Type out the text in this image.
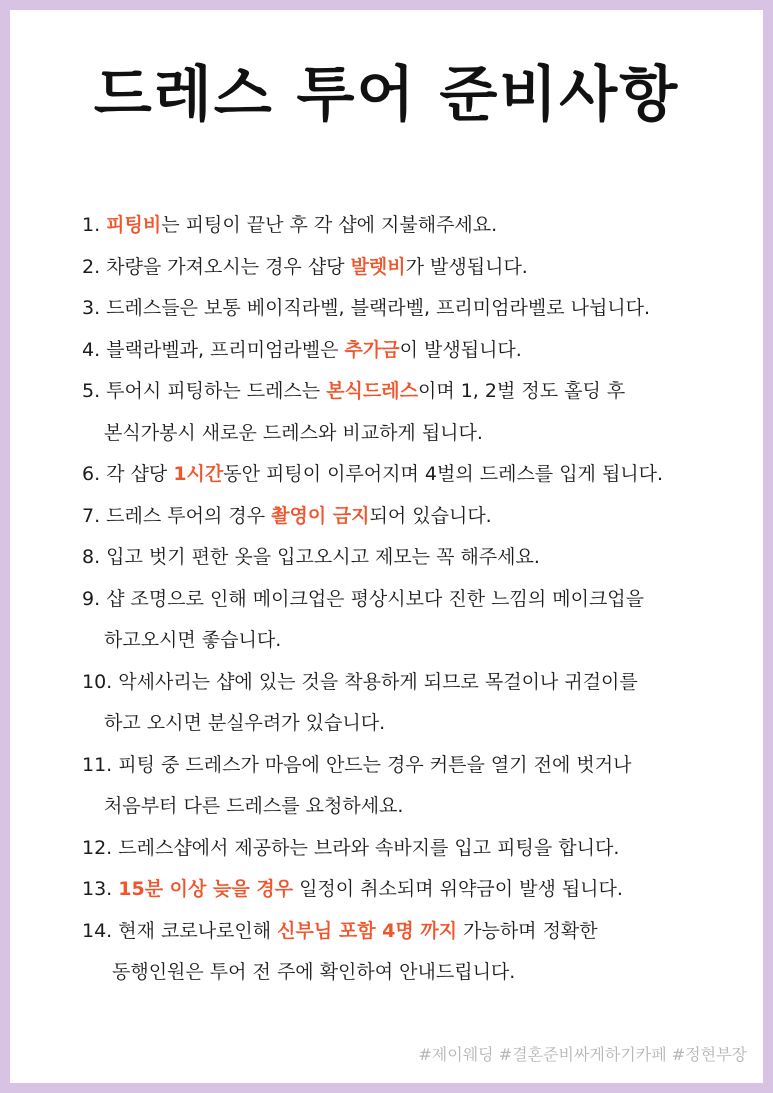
드레스 투어 준비사항
1. 피팅비는 피팅이 끝난 후 각 샵에 지불해주세요.
2. 차량을 가져오시는 경우 샵당 발렛비가 발생됩니다.
3. 드레스들은 보통 베이직라벨, 블랙라벨, 프리미엄라벨로 나뉩니다.
4. 블랙라벨과, 프리미엄라벨은 추가금이 발생됩니다.
5. 투어시 피팅하는 드레스는 본식드레스이며 1, 2벌 정도 홀딩 후
본식가봉시 새로운 드레스와 비교하게 됩니다.
6. 각 샵당 1시간동안 피팅이 이루어지며 4벌의 드레스를 입게 됩니다.
7. 드레스 투어의 경우 촬영이 금지되어 있습니다.
8. 입고 벗기 편한 옷을 입고오시고 제모는 꼭 해주세요.
9. 샵 조명으로 인해 메이크업은 평상시보다 진한 느낌의 메이크업을
하고오시면 좋습니다.
10. 악세사리는 샵에 있는 것을 착용하게 되므로 목걸이나 귀걸이를
하고 오시면 분실우려가 있습니다.
11. 피팅 중 드레스가 마음에 안드는 경우 커튼을 열기 전에 벗거나
처음부터 다른 드레스를 요청하세요.
12. 드레스샵에서 제공하는 브라와 속바지를 입고 피팅을 합니다.
13. 15분 이상 늦을 경우 일정이 취소되며 위약금이 발생 됩니다.
14. 현재 코로나로인해 신부님 포함 4명 까지 가능하며 정확한
동행인원은 투어 전 주에 확인하여 안내드립니다.
#제이웨딩 #결혼준비싸게하기카페 #정현부장
